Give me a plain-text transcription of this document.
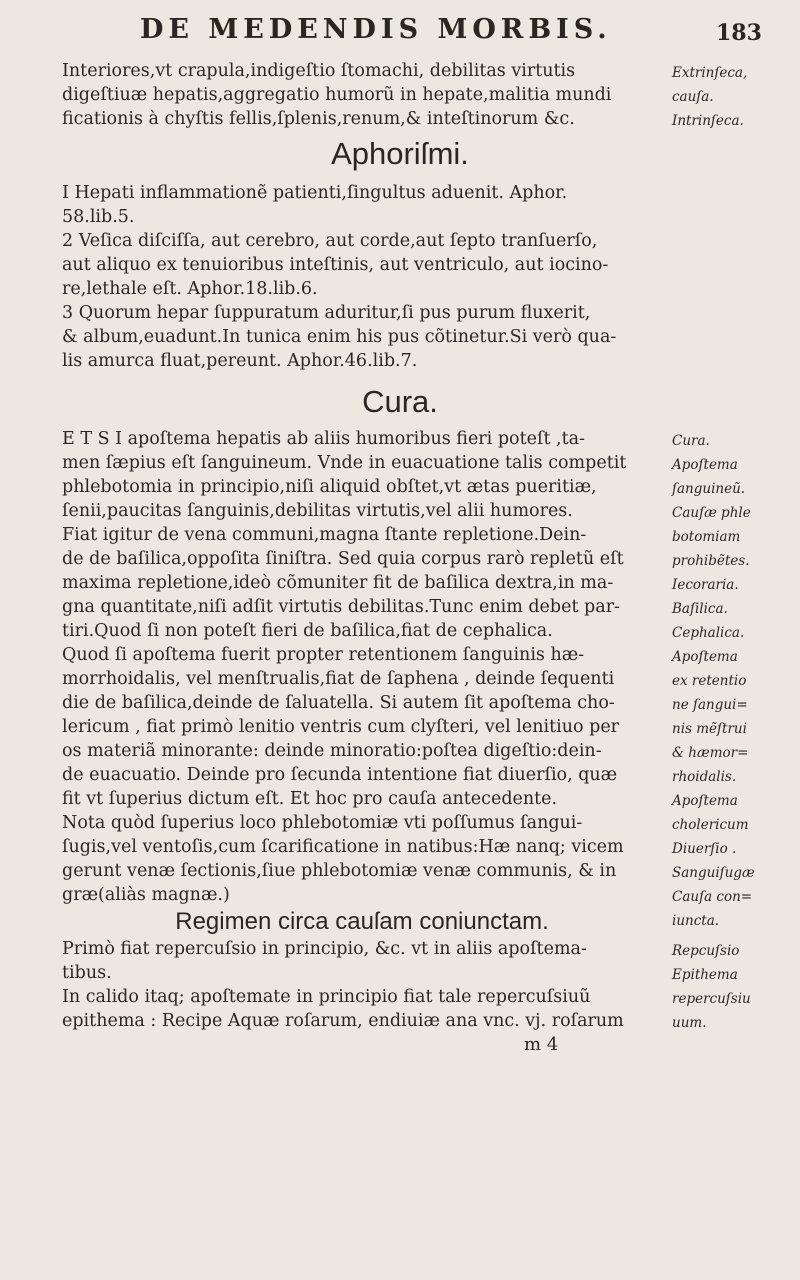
DE MEDENDIS MORBIS.	183
Interiores,vt crapula,indigeſtio ſtomachi, debilitas virtutis
digeſtiuæ hepatis,aggregatio humorũ in hepate,malitia mundi
ficationis à chyſtis fellis,ſplenis,renum,& inteſtinorum &c.
Aphoriſmi.
I Hepati inflammationẽ patienti,ſingultus aduenit. Aphor.
58.lib.5.
2 Veſica diſciſſa, aut cerebro, aut corde,aut ſepto tranſuerſo,
aut aliquo ex tenuioribus inteſtinis, aut ventriculo, aut iocino-
re,lethale eſt. Aphor.18.lib.6.
3 Quorum hepar ſuppuratum aduritur,ſi pus purum fluxerit,
& album,euadunt.In tunica enim his pus cõtinetur.Si verò qua-
lis amurca fluat,pereunt. Aphor.46.lib.7.
Cura.
E T S I apoſtema hepatis ab aliis humoribus fieri poteſt ,ta-
men ſæpius eſt ſanguineum. Vnde in euacuatione talis competit
phlebotomia in principio,niſi aliquid obſtet,vt ætas pueritiæ,
ſenii,paucitas ſanguinis,debilitas virtutis,vel alii humores.
Fiat igitur de vena communi,magna ſtante repletione.Dein-
de de baſilica,oppoſita ſiniſtra. Sed quia corpus rarò repletũ eſt
maxima repletione,ideò cõmuniter fit de baſilica dextra,in ma-
gna quantitate,niſi adſit virtutis debilitas.Tunc enim debet par-
tiri.Quod ſi non poteſt fieri de baſilica,fiat de cephalica.
Quod ſi apoſtema fuerit propter retentionem ſanguinis hæ-
morrhoidalis, vel menſtrualis,fiat de ſaphena , deinde ſequenti
die de baſilica,deinde de ſaluatella. Si autem ſit apoſtema cho-
lericum , fiat primò lenitio ventris cum clyſteri, vel lenitiuo per
os materiã minorante: deinde minoratio:poſtea digeſtio:dein-
de euacuatio. Deinde pro ſecunda intentione fiat diuerſio, quæ
fit vt ſuperius dictum eſt. Et hoc pro cauſa antecedente.
Nota quòd ſuperius loco phlebotomiæ vti poſſumus ſangui-
ſugis,vel ventoſis,cum ſcarificatione in natibus:Hæ nanq; vicem
gerunt venæ ſectionis,ſiue phlebotomiæ venæ communis, & in
græ(aliàs magnæ.)
Regimen circa cauſam coniunctam.
Primò fiat repercuſsio in principio, &c. vt in aliis apoſtema-
tibus.
In calido itaq; apoſtemate in principio fiat tale repercuſsiuũ
epithema : Recipe Aquæ roſarum, endiuiæ ana vnc. vj. roſarum
m 4
Extrinſeca,
cauſa.
Intrinſeca.
Cura.
Apoſtema
ſanguineũ.
Cauſæ phle
botomiam
prohibẽtes.
Iecoraria.
Baſilica.
Cephalica.
Apoſtema
ex retentio
ne ſangui=
nis mẽſtrui
& hæmor=
rhoidalis.
Apoſtema
cholericum
Diuerſio .
Sanguiſugæ
Cauſa con=
iuncta.
Repcuſsio
Epithema
repercuſsiu
uum.
